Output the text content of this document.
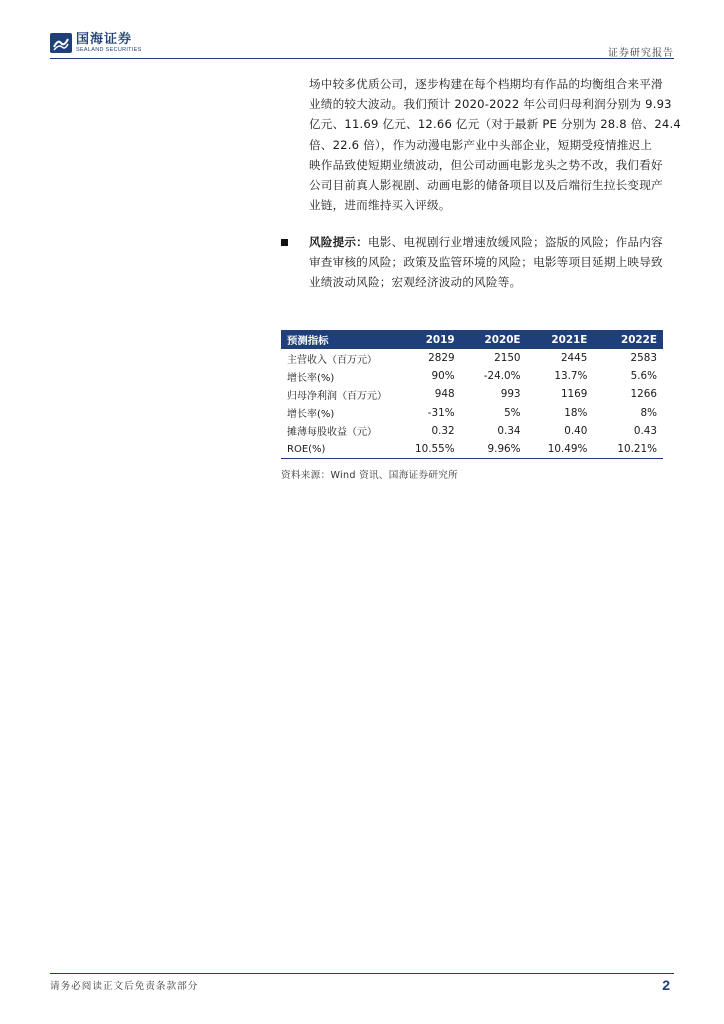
国海证券
SEALAND SECURITIES	证券研究报告
场中较多优质公司，逐步构建在每个档期均有作品的均衡组合来平滑
业绩的较大波动。我们预计 2020-2022 年公司归母利润分别为 9.93
亿元、11.69 亿元、12.66 亿元（对于最新 PE 分别为 28.8 倍、24.4
倍、22.6 倍），作为动漫电影产业中头部企业，短期受疫情推迟上
映作品致使短期业绩波动，但公司动画电影龙头之势不改，我们看好
公司目前真人影视剧、动画电影的储备项目以及后端衍生拉长变现产
业链，进而维持买入评级。
风险提示：电影、电视剧行业增速放缓风险；盗版的风险；作品内容
审查审核的风险；政策及监管环境的风险；电影等项目延期上映导致
业绩波动风险；宏观经济波动的风险等。
预测指标	2019	2020E	2021E	2022E
主营收入（百万元）	2829	2150	2445	2583
增长率(%)	90%	-24.0%	13.7%	5.6%
归母净利润（百万元）	948	993	1169	1266
增长率(%)	-31%	5%	18%	8%
摊薄每股收益（元）	0.32	0.34	0.40	0.43
ROE(%)	10.55%	9.96%	10.49%	10.21%
资料来源：Wind 资讯、国海证券研究所
请务必阅读正文后免责条款部分	2
